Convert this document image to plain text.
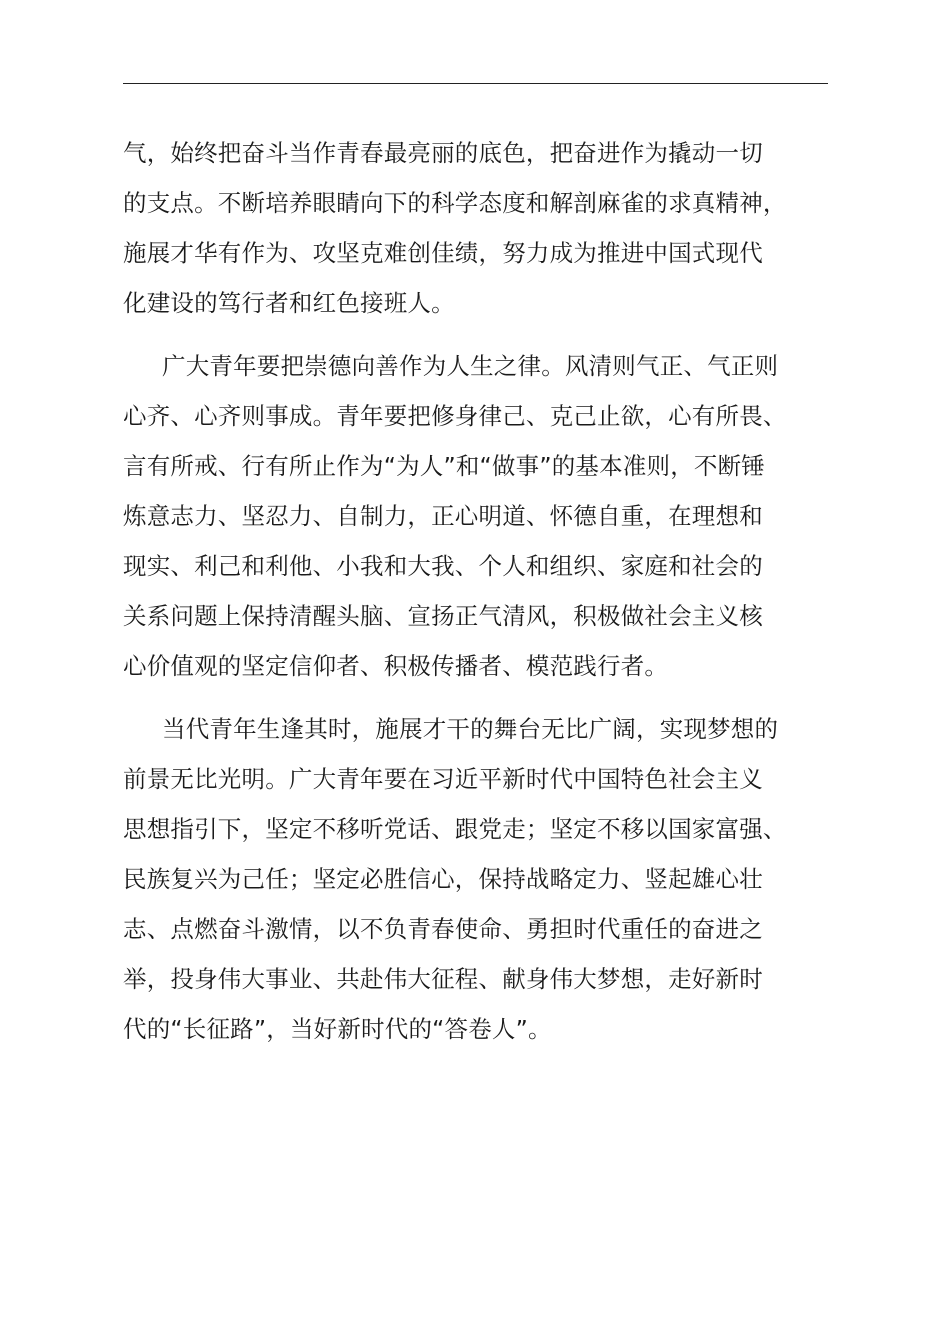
气，始终把奋斗当作青春最亮丽的底色，把奋进作为撬动一切
的支点。不断培养眼睛向下的科学态度和解剖麻雀的求真精神，
施展才华有作为、攻坚克难创佳绩，努力成为推进中国式现代
化建设的笃行者和红色接班人。

广大青年要把崇德向善作为人生之律。风清则气正、气正则
心齐、心齐则事成。青年要把修身律己、克己止欲，心有所畏、
言有所戒、行有所止作为“为人”和“做事”的基本准则，不断锤
炼意志力、坚忍力、自制力，正心明道、怀德自重，在理想和
现实、利己和利他、小我和大我、个人和组织、家庭和社会的
关系问题上保持清醒头脑、宣扬正气清风，积极做社会主义核
心价值观的坚定信仰者、积极传播者、模范践行者。

当代青年生逢其时，施展才干的舞台无比广阔，实现梦想的
前景无比光明。广大青年要在习近平新时代中国特色社会主义
思想指引下，坚定不移听党话、跟党走；坚定不移以国家富强、
民族复兴为己任；坚定必胜信心，保持战略定力、竖起雄心壮
志、点燃奋斗激情，以不负青春使命、勇担时代重任的奋进之
举，投身伟大事业、共赴伟大征程、献身伟大梦想，走好新时
代的“长征路”，当好新时代的“答卷人”。
